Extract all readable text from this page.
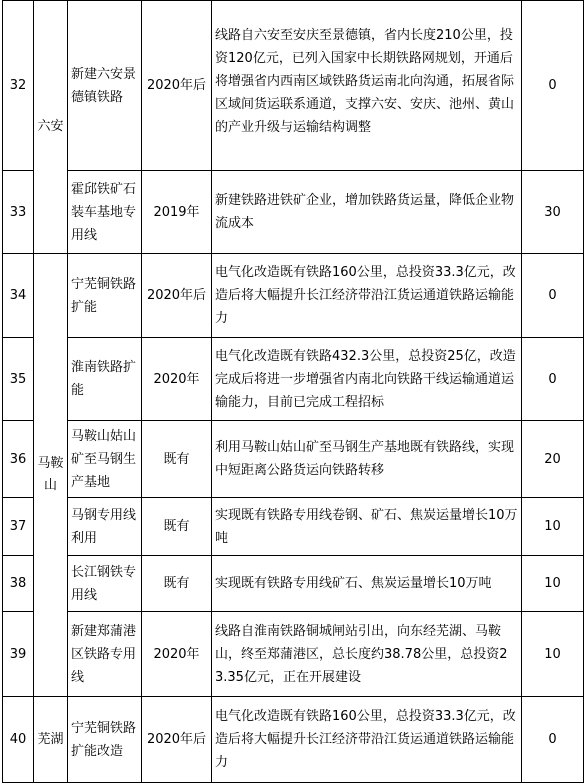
32	六安	新建六安景德镇铁路	2020年后	线路自六安至安庆至景德镇，省内长度210公里，投资120亿元，已列入国家中长期铁路网规划，开通后将增强省内西南区域铁路货运南北向沟通，拓展省际区域间货运联系通道，支撑六安、安庆、池州、黄山的产业升级与运输结构调整	0
33		霍邱铁矿石装车基地专用线	2019年	新建铁路进铁矿企业，增加铁路货运量，降低企业物流成本	30
34	马鞍山	宁芜铜铁路扩能	2020年后	电气化改造既有铁路160公里，总投资33.3亿元，改造后将大幅提升长江经济带沿江货运通道铁路运输能力	0
35		淮南铁路扩能	2020年	电气化改造既有铁路432.3公里，总投资25亿，改造完成后将进一步增强省内南北向铁路干线运输通道运输能力，目前已完成工程招标	0
36		马鞍山姑山矿至马钢生产基地	既有	利用马鞍山姑山矿至马钢生产基地既有铁路线，实现中短距离公路货运向铁路转移	20
37		马钢专用线利用	既有	实现既有铁路专用线卷钢、矿石、焦炭运量增长10万吨	10
38		长江钢铁专用线	既有	实现既有铁路专用线矿石、焦炭运量增长10万吨	10
39		新建郑蒲港区铁路专用线	2020年	线路自淮南铁路铜城闸站引出，向东经芜湖、马鞍山，终至郑蒲港区，总长度约38.78公里，总投资23.35亿元，正在开展建设	10
40	芜湖	宁芜铜铁路扩能改造	2020年后	电气化改造既有铁路160公里，总投资33.3亿元，改造后将大幅提升长江经济带沿江货运通道铁路运输能力	0
